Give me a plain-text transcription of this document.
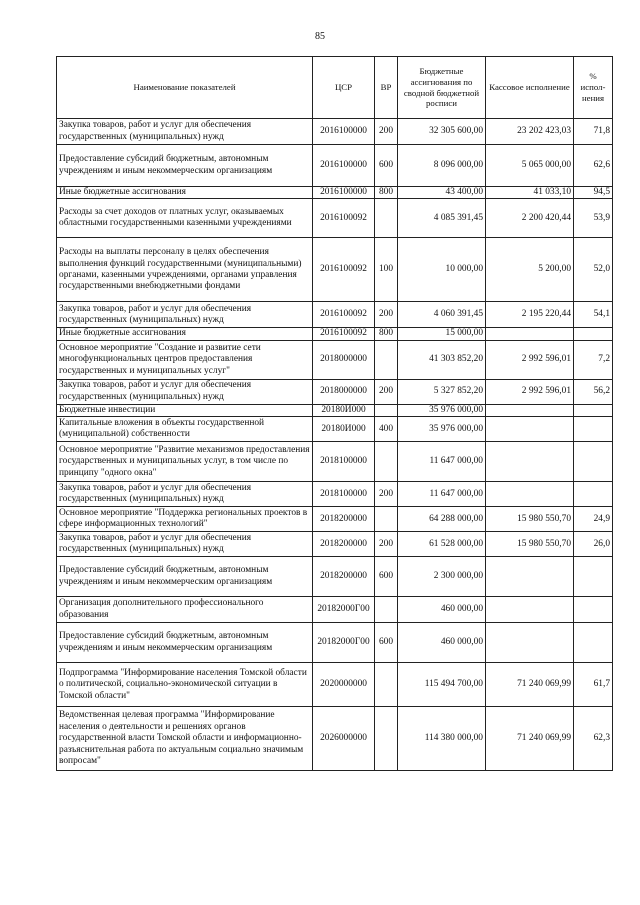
85
Наименование показателей	ЦСР	ВР	Бюджетные ассигнования по сводной бюджетной росписи	Кассовое исполнение	% испол-нения
Закупка товаров, работ и услуг для обеспечения государственных (муниципальных) нужд	2016100000	200	32 305 600,00	23 202 423,03	71,8
Предоставление субсидий бюджетным, автономным учреждениям и иным некоммерческим организациям	2016100000	600	8 096 000,00	5 065 000,00	62,6
Иные бюджетные ассигнования	2016100000	800	43 400,00	41 033,10	94,5
Расходы за счет доходов от платных услуг, оказываемых областными государственными казенными учреждениями	2016100092		4 085 391,45	2 200 420,44	53,9
Расходы на выплаты персоналу в целях обеспечения выполнения функций государственными (муниципальными) органами, казенными учреждениями, органами управления государственными внебюджетными фондами	2016100092	100	10 000,00	5 200,00	52,0
Закупка товаров, работ и услуг для обеспечения государственных (муниципальных) нужд	2016100092	200	4 060 391,45	2 195 220,44	54,1
Иные бюджетные ассигнования	2016100092	800	15 000,00		
Основное мероприятие "Создание и развитие сети многофункциональных центров предоставления государственных и муниципальных услуг"	2018000000		41 303 852,20	2 992 596,01	7,2
Закупка товаров, работ и услуг для обеспечения государственных (муниципальных) нужд	2018000000	200	5 327 852,20	2 992 596,01	56,2
Бюджетные инвестиции	20180И000		35 976 000,00		
Капитальные вложения в объекты государственной (муниципальной) собственности	20180И000	400	35 976 000,00		
Основное мероприятие "Развитие механизмов предоставления государственных и муниципальных услуг, в том числе по принципу "одного окна"	2018100000		11 647 000,00		
Закупка товаров, работ и услуг для обеспечения государственных (муниципальных) нужд	2018100000	200	11 647 000,00		
Основное мероприятие "Поддержка региональных проектов в сфере информационных технологий"	2018200000		64 288 000,00	15 980 550,70	24,9
Закупка товаров, работ и услуг для обеспечения государственных (муниципальных) нужд	2018200000	200	61 528 000,00	15 980 550,70	26,0
Предоставление субсидий бюджетным, автономным учреждениям и иным некоммерческим организациям	2018200000	600	2 300 000,00		
Организация дополнительного профессионального образования	20182000Г00		460 000,00		
Предоставление субсидий бюджетным, автономным учреждениям и иным некоммерческим организациям	20182000Г00	600	460 000,00		
Подпрограмма "Информирование населения Томской области о политической, социально-экономической ситуации в Томской области"	2020000000		115 494 700,00	71 240 069,99	61,7
Ведомственная целевая программа "Информирование населения о деятельности и решениях органов государственной власти Томской области и информационно-разъяснительная работа по актуальным социально значимым вопросам"	2026000000		114 380 000,00	71 240 069,99	62,3
